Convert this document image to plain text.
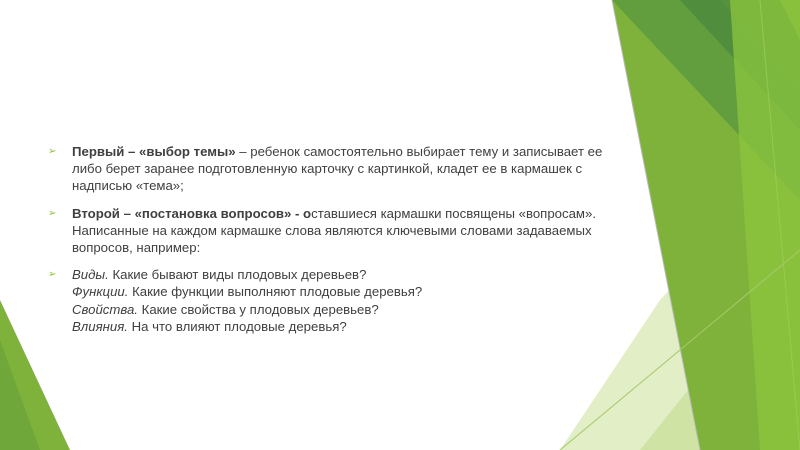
➢ Первый – «выбор темы» – ребенок самостоятельно выбирает тему и записывает ее либо берет заранее подготовленную карточку с картинкой, кладет ее в кармашек с надписью «тема»;
➢ Второй – «постановка вопросов» - оставшиеся кармашки посвящены «вопросам». Написанные на каждом кармашке слова являются ключевыми словами задаваемых вопросов, например:
➢ Виды. Какие бывают виды плодовых деревьев?
Функции. Какие функции выполняют плодовые деревья?
Свойства. Какие свойства у плодовых деревьев?
Влияния. На что влияют плодовые деревья?
